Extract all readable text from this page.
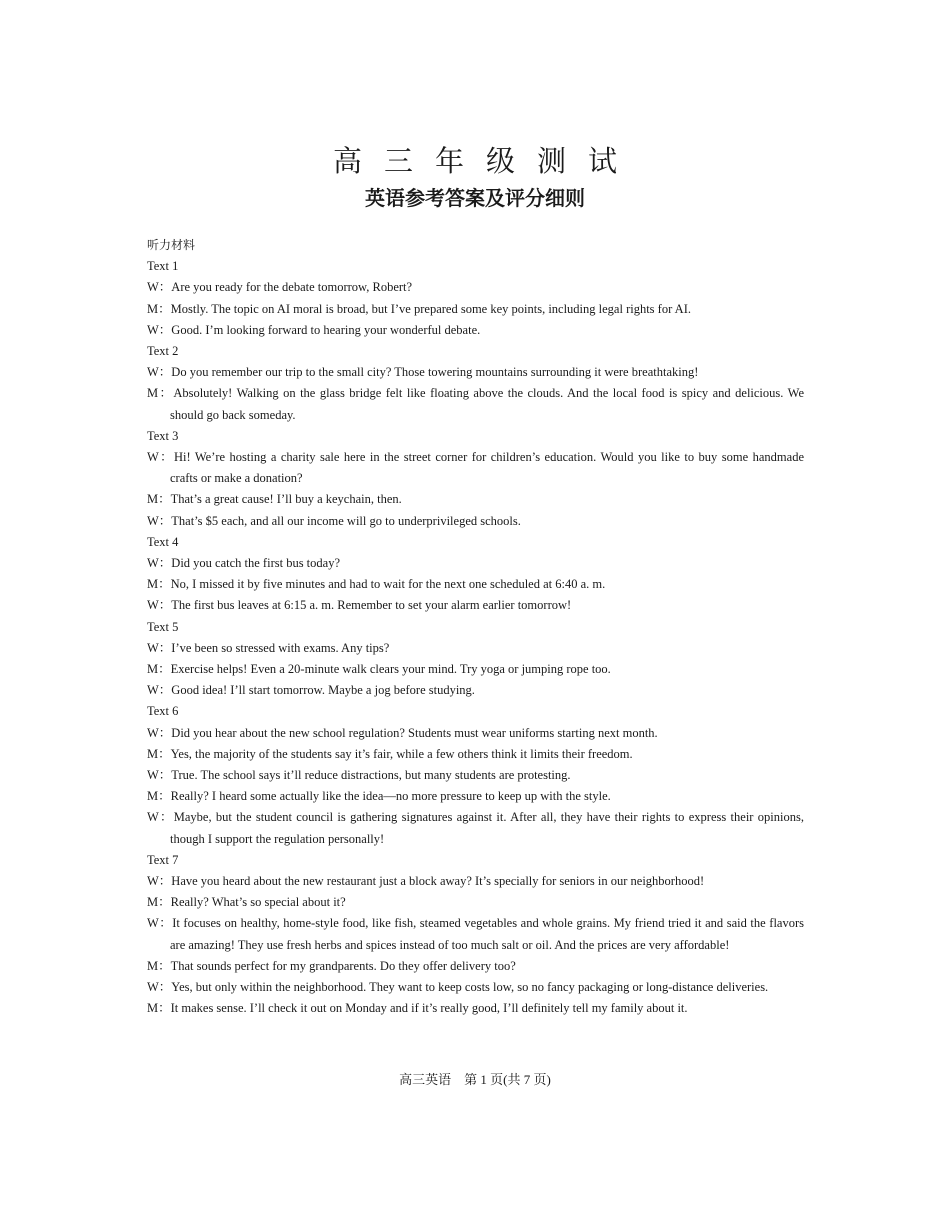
高三年级测试
英语参考答案及评分细则
听力材料
Text 1
W：Are you ready for the debate tomorrow, Robert?
M：Mostly. The topic on AI moral is broad, but I’ve prepared some key points, including legal rights for AI.
W：Good. I’m looking forward to hearing your wonderful debate.
Text 2
W：Do you remember our trip to the small city? Those towering mountains surrounding it were breathtaking!
M：Absolutely! Walking on the glass bridge felt like floating above the clouds. And the local food is spicy and delicious. We should go back someday.
Text 3
W：Hi! We’re hosting a charity sale here in the street corner for children’s education. Would you like to buy some handmade crafts or make a donation?
M：That’s a great cause! I’ll buy a keychain, then.
W：That’s $5 each, and all our income will go to underprivileged schools.
Text 4
W：Did you catch the first bus today?
M：No, I missed it by five minutes and had to wait for the next one scheduled at 6:40 a. m.
W：The first bus leaves at 6:15 a. m. Remember to set your alarm earlier tomorrow!
Text 5
W：I’ve been so stressed with exams. Any tips?
M：Exercise helps! Even a 20-minute walk clears your mind. Try yoga or jumping rope too.
W：Good idea! I’ll start tomorrow. Maybe a jog before studying.
Text 6
W：Did you hear about the new school regulation? Students must wear uniforms starting next month.
M：Yes, the majority of the students say it’s fair, while a few others think it limits their freedom.
W：True. The school says it’ll reduce distractions, but many students are protesting.
M：Really? I heard some actually like the idea—no more pressure to keep up with the style.
W：Maybe, but the student council is gathering signatures against it. After all, they have their rights to express their opinions, though I support the regulation personally!
Text 7
W：Have you heard about the new restaurant just a block away? It’s specially for seniors in our neighborhood!
M：Really? What’s so special about it?
W：It focuses on healthy, home-style food, like fish, steamed vegetables and whole grains. My friend tried it and said the flavors are amazing! They use fresh herbs and spices instead of too much salt or oil. And the prices are very affordable!
M：That sounds perfect for my grandparents. Do they offer delivery too?
W：Yes, but only within the neighborhood. They want to keep costs low, so no fancy packaging or long-distance deliveries.
M：It makes sense. I’ll check it out on Monday and if it’s really good, I’ll definitely tell my family about it.
高三英语　第 1 页(共 7 页)
